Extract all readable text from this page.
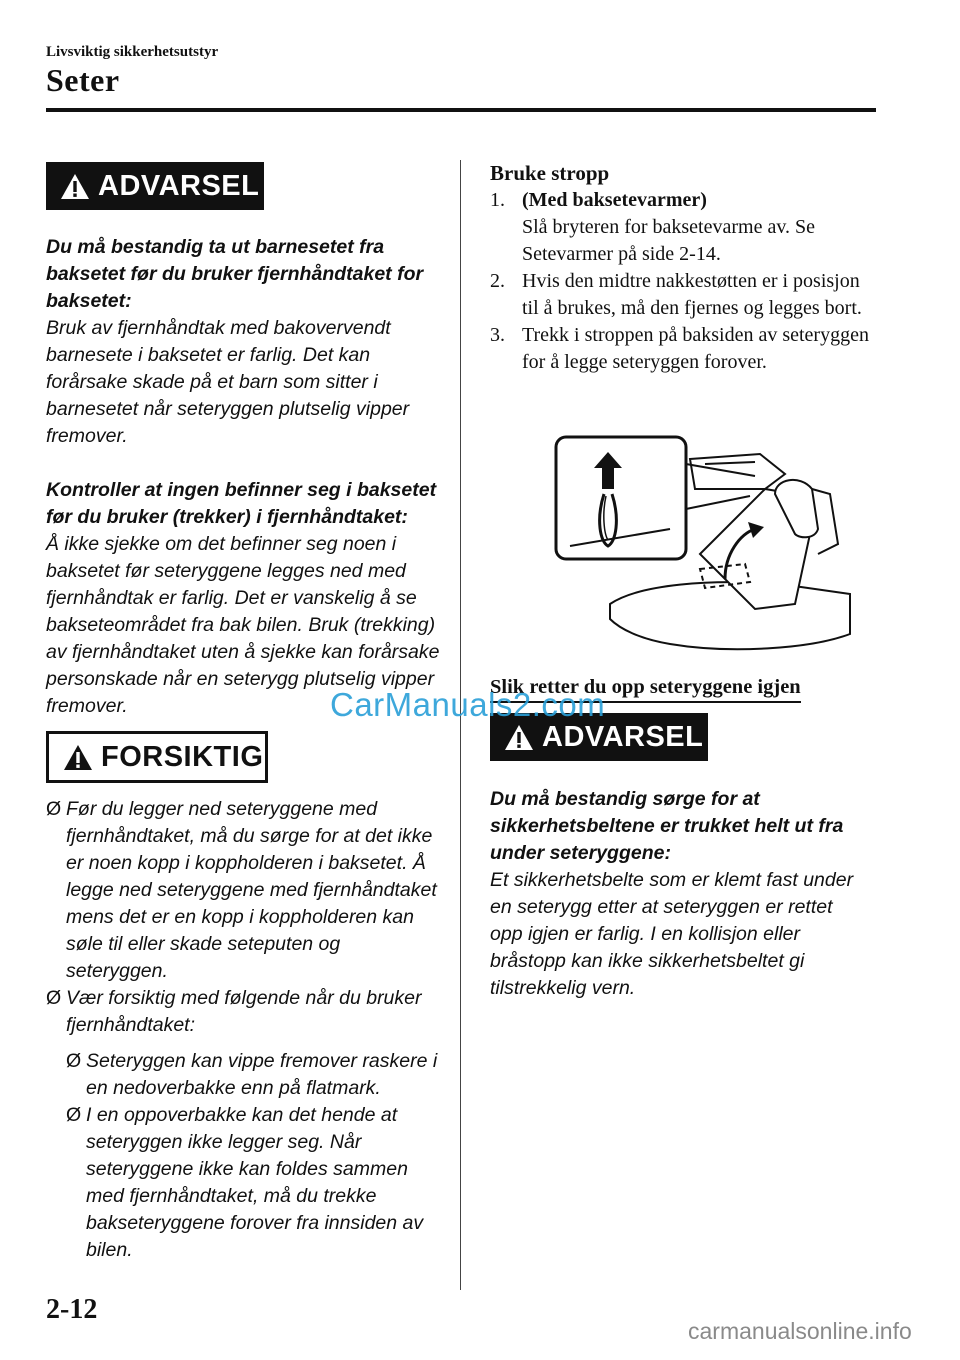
Livsviktig sikkerhetsutstyr
Seter
ADVARSEL

Du må bestandig ta ut barnesetet fra baksetet før du bruker fjernhåndtaket for baksetet:

Bruk av fjernhåndtak med bakovervendt barnesete i baksetet er farlig. Det kan forårsake skade på et barn som sitter i barnesetet når seteryggen plutselig vipper fremover.

Kontroller at ingen befinner seg i baksetet før du bruker (trekker) i fjernhåndtaket:

Å ikke sjekke om det befinner seg noen i baksetet før seteryggene legges ned med fjernhåndtak er farlig. Det er vanskelig å se bakseteområdet fra bak bilen. Bruk (trekking) av fjernhåndtaket uten å sjekke kan forårsake personskade når en seterygg plutselig vipper fremover.

FORSIKTIG
Ø Før du legger ned seteryggene med fjernhåndtaket, må du sørge for at det ikke er noen kopp i koppholderen i baksetet. Å legge ned seteryggene med fjernhåndtaket mens det er en kopp i koppholderen kan søle til eller skade seteputen og seteryggen.
Ø Vær forsiktig med følgende når du bruker fjernhåndtaket:
Ø Seteryggen kan vippe fremover raskere i en nedoverbakke enn på flatmark.
Ø I en oppoverbakke kan det hende at seteryggen ikke legger seg. Når seteryggene ikke kan foldes sammen med fjernhåndtaket, må du trekke bakseteryggene forover fra innsiden av bilen.
Bruke stropp
1. (Med baksetevarmer)
Slå bryteren for baksetevarme av. Se Setevarmer på side 2-14.
2. Hvis den midtre nakkestøtten er i posisjon til å brukes, må den fjernes og legges bort.
3. Trekk i stroppen på baksiden av seteryggen for å legge seteryggen forover.
Slik retter du opp seteryggene igjen
ADVARSEL

Du må bestandig sørge for at sikkerhetsbeltene er trukket helt ut fra under seteryggene:

Et sikkerhetsbelte som er klemt fast under en seterygg etter at seteryggen er rettet opp igjen er farlig. I en kollisjon eller bråstopp kan ikke sikkerhetsbeltet gi tilstrekkelig vern.

CarManuals2.com
2-12
carmanualsonline.info
